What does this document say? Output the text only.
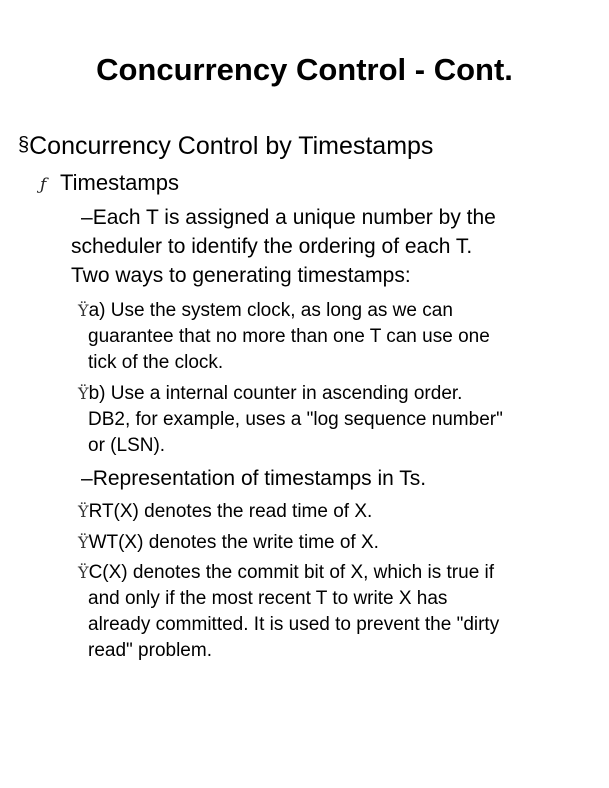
Concurrency Control - Cont.
§Concurrency Control by Timestamps
ƒ Timestamps
–Each T is assigned a unique number by the
scheduler to identify the ordering of each T.
Two ways to generating timestamps:
Ÿa) Use the system clock, as long as we can
guarantee that no more than one T can use one
tick of the clock.
Ÿb) Use a internal counter in ascending order.
DB2, for example, uses a "log sequence number"
or (LSN).
–Representation of timestamps in Ts.
ŸRT(X) denotes the read time of X.
ŸWT(X) denotes the write time of X.
ŸC(X) denotes the commit bit of X, which is true if
and only if the most recent T to write X has
already committed. It is used to prevent the "dirty
read" problem.
